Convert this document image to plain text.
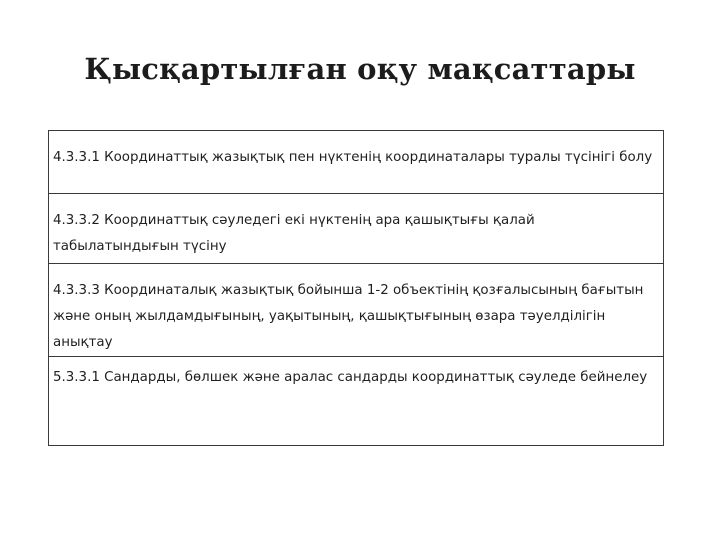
Қысқартылған оқу мақсаттары
4.3.3.1 Координаттық жазықтық пен нүктенің координаталары туралы түсінігі болу
4.3.3.2 Координаттық сәуледегі екі нүктенің ара қашықтығы қалай табылатындығын түсіну
4.3.3.3 Координаталық жазықтық бойынша 1-2 объектінің қозғалысының бағытын және оның жылдамдығының, уақытының, қашықтығының өзара тәуелділігін   анықтау
5.3.3.1 Сандарды, бөлшек және аралас сандарды координаттық сәуледе бейнелеу
